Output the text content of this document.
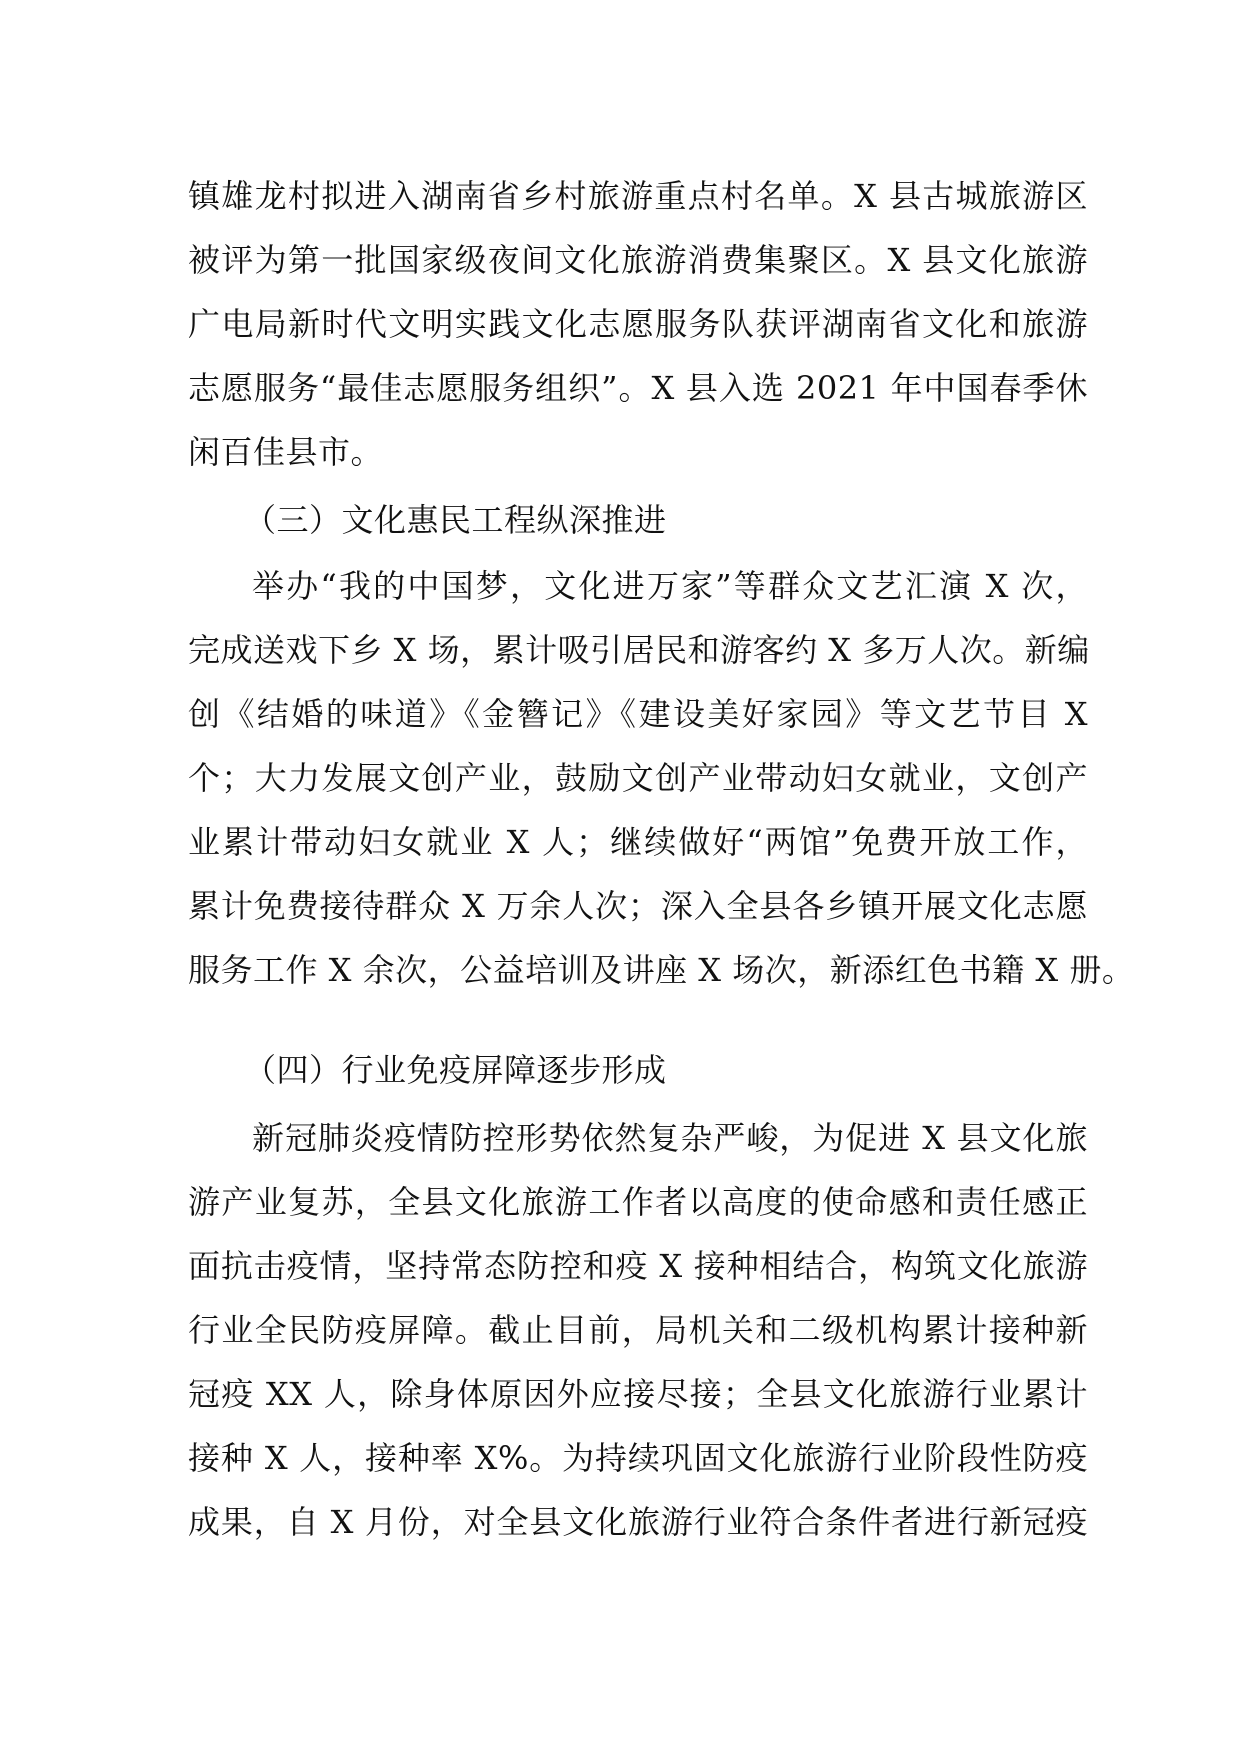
镇雄龙村拟进入湖南省乡村旅游重点村名单。X 县古城旅游区
被评为第一批国家级夜间文化旅游消费集聚区。X 县文化旅游
广电局新时代文明实践文化志愿服务队获评湖南省文化和旅游
志愿服务“最佳志愿服务组织”。X 县入选 2021 年中国春季休
闲百佳县市。
（三）文化惠民工程纵深推进
举办“我的中国梦，文化进万家”等群众文艺汇演 X 次，
完成送戏下乡 X 场，累计吸引居民和游客约 X 多万人次。新编
创《结婚的味道》《金簪记》《建设美好家园》等文艺节目 X
个；大力发展文创产业，鼓励文创产业带动妇女就业，文创产
业累计带动妇女就业 X 人；继续做好“两馆”免费开放工作，
累计免费接待群众 X 万余人次；深入全县各乡镇开展文化志愿
服务工作 X 余次，公益培训及讲座 X 场次，新添红色书籍 X 册。
（四）行业免疫屏障逐步形成
新冠肺炎疫情防控形势依然复杂严峻，为促进 X 县文化旅
游产业复苏，全县文化旅游工作者以高度的使命感和责任感正
面抗击疫情，坚持常态防控和疫 X 接种相结合，构筑文化旅游
行业全民防疫屏障。截止目前，局机关和二级机构累计接种新
冠疫 XX 人，除身体原因外应接尽接；全县文化旅游行业累计
接种 X 人，接种率 X%。为持续巩固文化旅游行业阶段性防疫
成果，自 X 月份，对全县文化旅游行业符合条件者进行新冠疫
